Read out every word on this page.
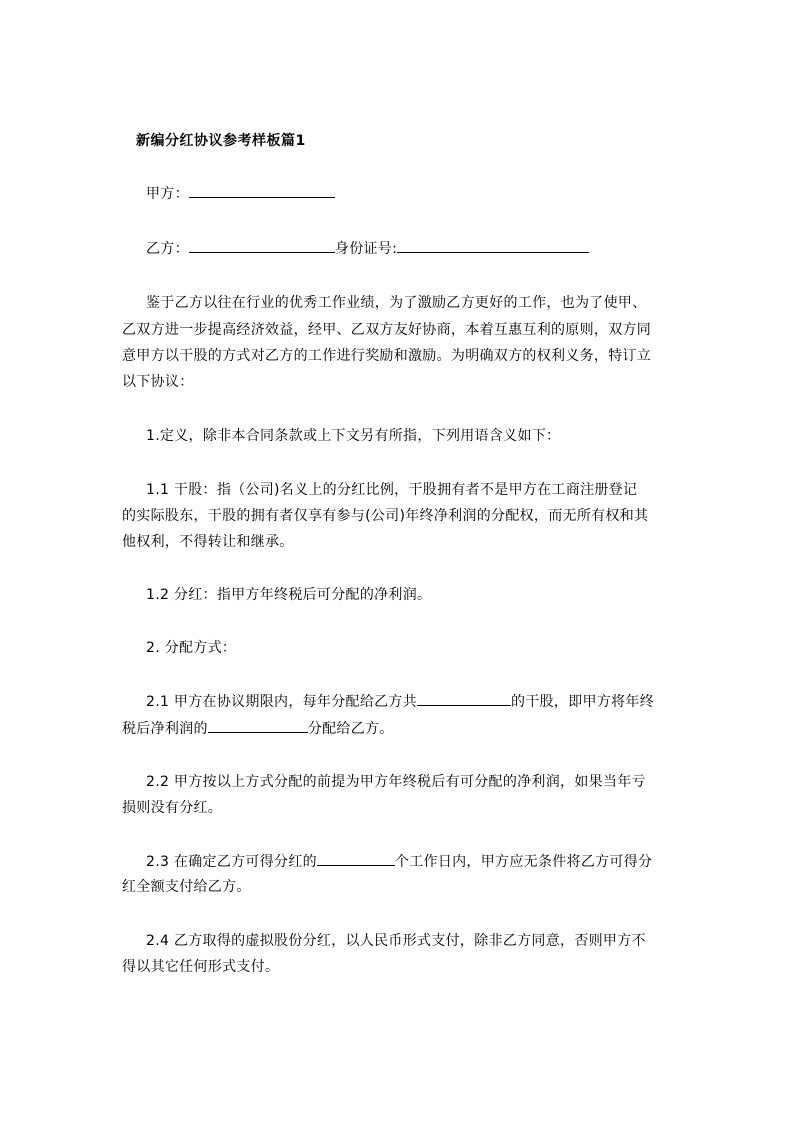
新编分红协议参考样板篇1
甲方：
乙方：	身份证号:
鉴于乙方以往在行业的优秀工作业绩，为了激励乙方更好的工作，也为了使甲、
乙双方进一步提高经济效益，经甲、乙双方友好协商，本着互惠互利的原则，双方同
意甲方以干股的方式对乙方的工作进行奖励和激励。为明确双方的权利义务，特订立
以下协议：
1.定义，除非本合同条款或上下文另有所指，下列用语含义如下：
1.1 干股：指（公司)名义上的分红比例，干股拥有者不是甲方在工商注册登记
的实际股东，干股的拥有者仅享有参与(公司)年终净利润的分配权，而无所有权和其
他权利，不得转让和继承。
1.2 分红：指甲方年终税后可分配的净利润。
2. 分配方式：
2.1 甲方在协议期限内，每年分配给乙方共	的干股，即甲方将年终
税后净利润的	分配给乙方。
2.2 甲方按以上方式分配的前提为甲方年终税后有可分配的净利润，如果当年亏
损则没有分红。
2.3 在确定乙方可得分红的	个工作日内，甲方应无条件将乙方可得分
红全额支付给乙方。
2.4 乙方取得的虚拟股份分红，以人民币形式支付，除非乙方同意，否则甲方不
得以其它任何形式支付。
